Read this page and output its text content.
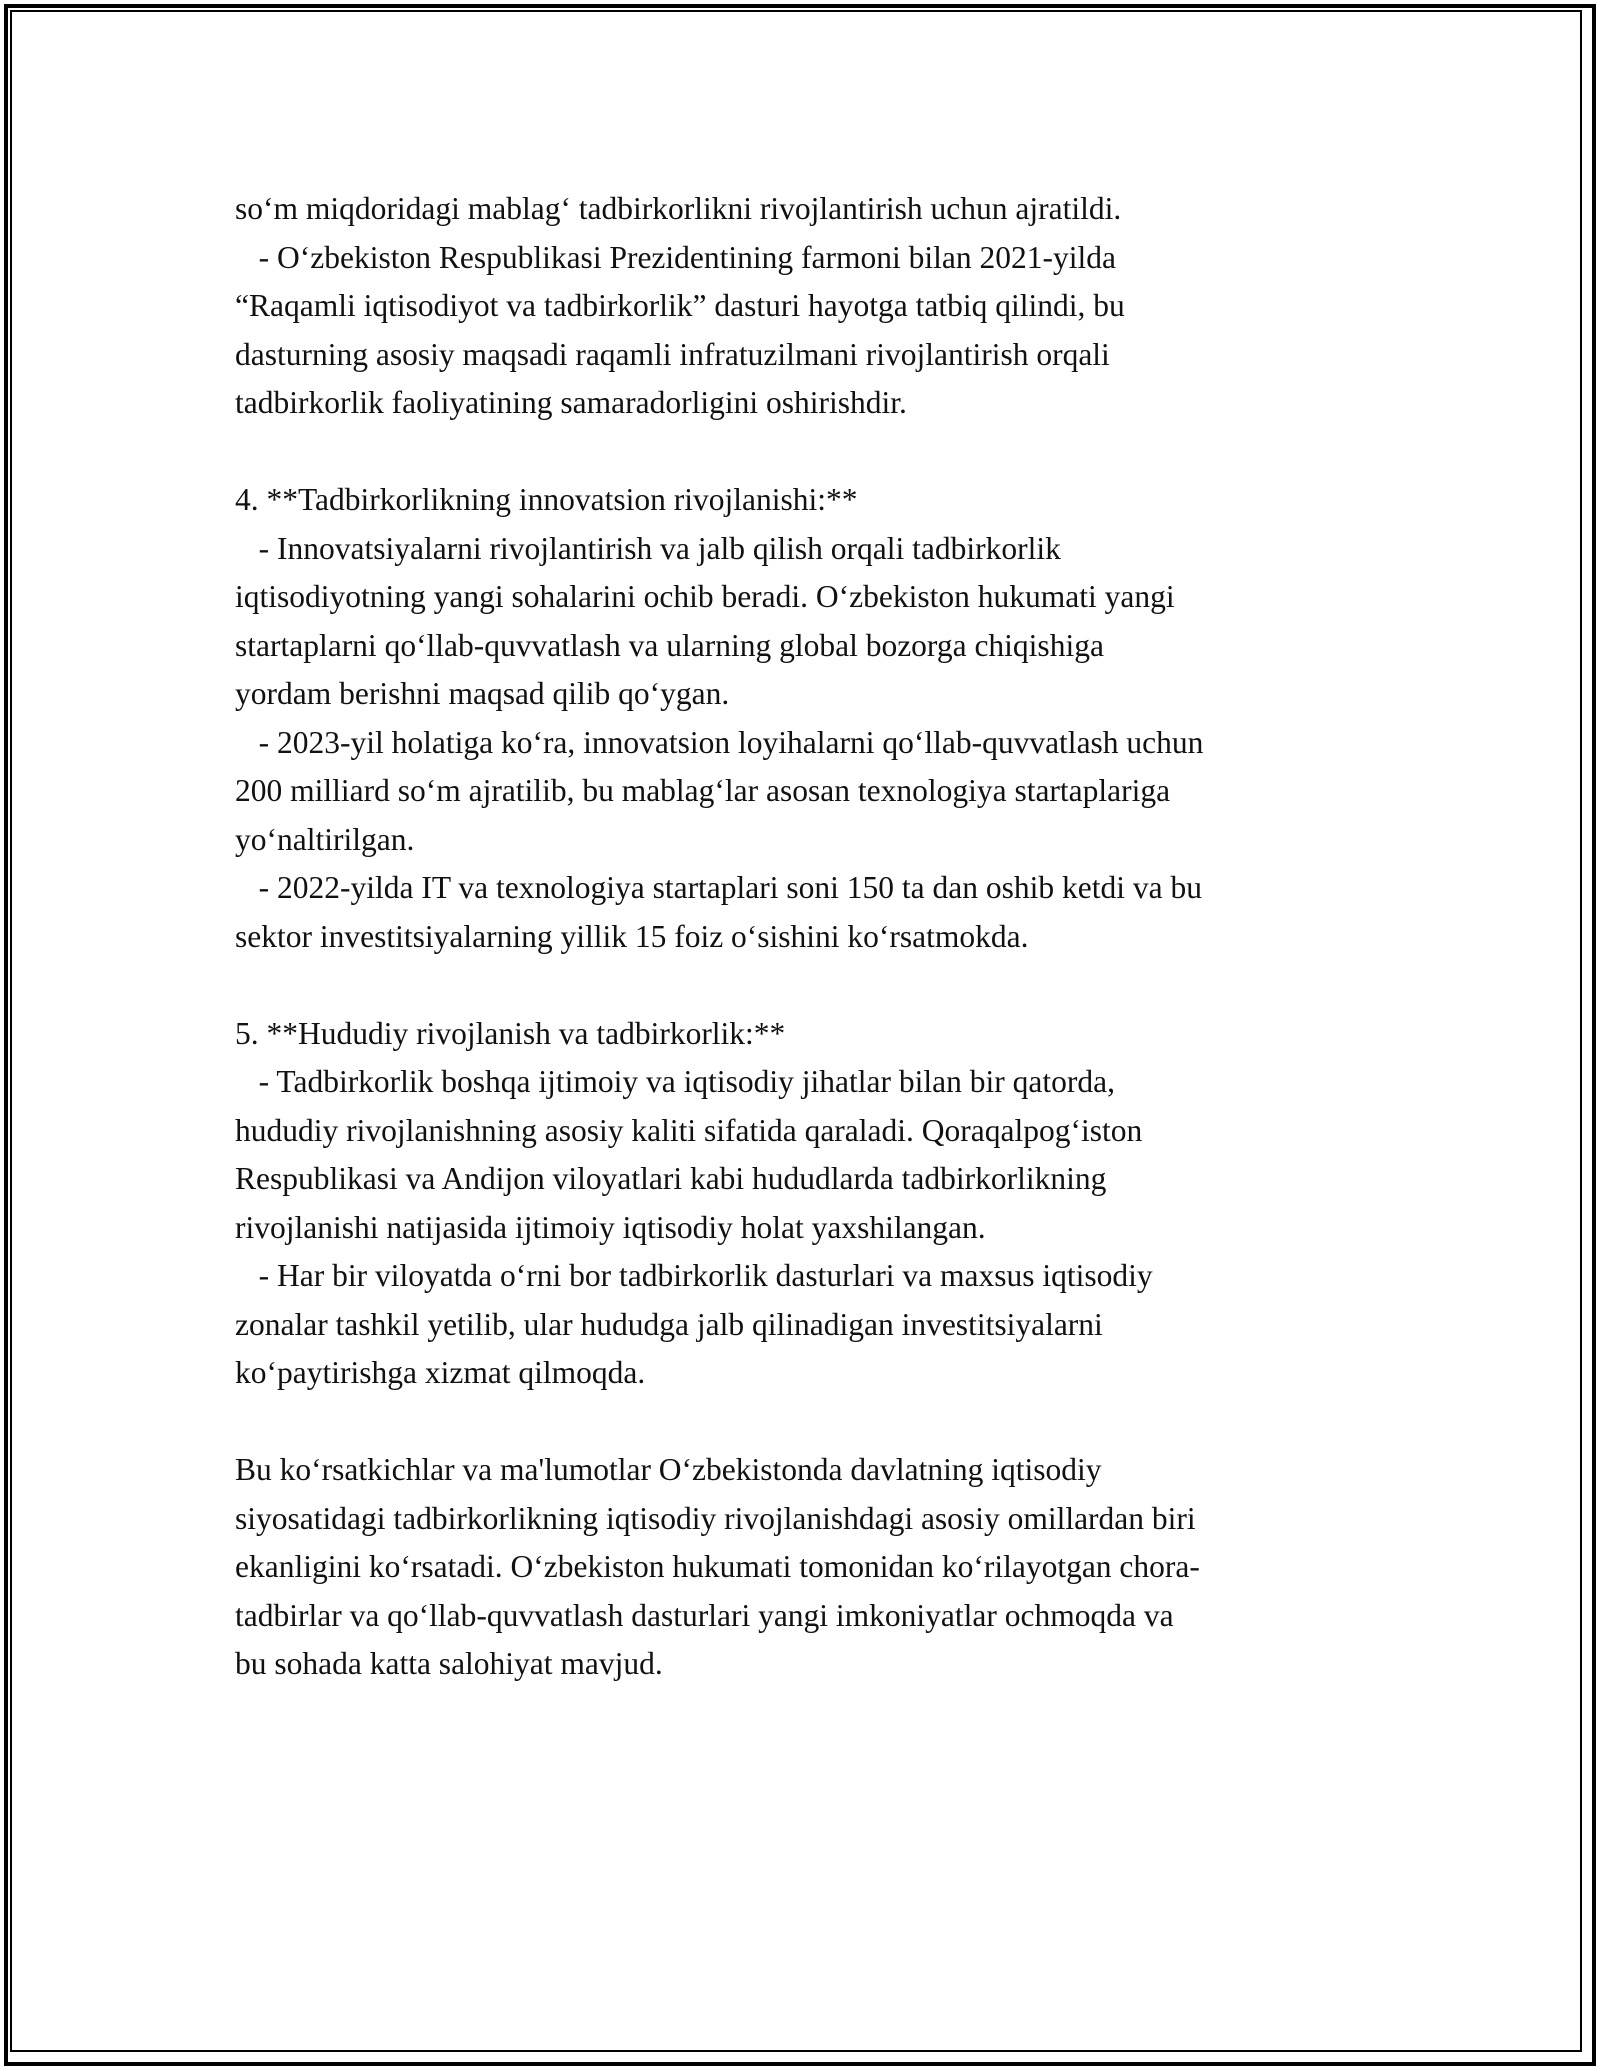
so‘m miqdoridagi mablag‘ tadbirkorlikni rivojlantirish uchun ajratildi.
- O‘zbekiston Respublikasi Prezidentining farmoni bilan 2021-yilda
“Raqamli iqtisodiyot va tadbirkorlik” dasturi hayotga tatbiq qilindi, bu
dasturning asosiy maqsadi raqamli infratuzilmani rivojlantirish orqali
tadbirkorlik faoliyatining samaradorligini oshirishdir.
4. **Tadbirkorlikning innovatsion rivojlanishi:**
- Innovatsiyalarni rivojlantirish va jalb qilish orqali tadbirkorlik
iqtisodiyotning yangi sohalarini ochib beradi. O‘zbekiston hukumati yangi
startaplarni qo‘llab-quvvatlash va ularning global bozorga chiqishiga
yordam berishni maqsad qilib qo‘ygan.
- 2023-yil holatiga ko‘ra, innovatsion loyihalarni qo‘llab-quvvatlash uchun
200 milliard so‘m ajratilib, bu mablag‘lar asosan texnologiya startaplariga
yo‘naltirilgan.
- 2022-yilda IT va texnologiya startaplari soni 150 ta dan oshib ketdi va bu
sektor investitsiyalarning yillik 15 foiz o‘sishini ko‘rsatmokda.
5. **Hududiy rivojlanish va tadbirkorlik:**
- Tadbirkorlik boshqa ijtimoiy va iqtisodiy jihatlar bilan bir qatorda,
hududiy rivojlanishning asosiy kaliti sifatida qaraladi. Qoraqalpog‘iston
Respublikasi va Andijon viloyatlari kabi hududlarda tadbirkorlikning
rivojlanishi natijasida ijtimoiy iqtisodiy holat yaxshilangan.
- Har bir viloyatda o‘rni bor tadbirkorlik dasturlari va maxsus iqtisodiy
zonalar tashkil yetilib, ular hududga jalb qilinadigan investitsiyalarni
ko‘paytirishga xizmat qilmoqda.
Bu ko‘rsatkichlar va ma'lumotlar O‘zbekistonda davlatning iqtisodiy
siyosatidagi tadbirkorlikning iqtisodiy rivojlanishdagi asosiy omillardan biri
ekanligini ko‘rsatadi. O‘zbekiston hukumati tomonidan ko‘rilayotgan chora-
tadbirlar va qo‘llab-quvvatlash dasturlari yangi imkoniyatlar ochmoqda va
bu sohada katta salohiyat mavjud.
